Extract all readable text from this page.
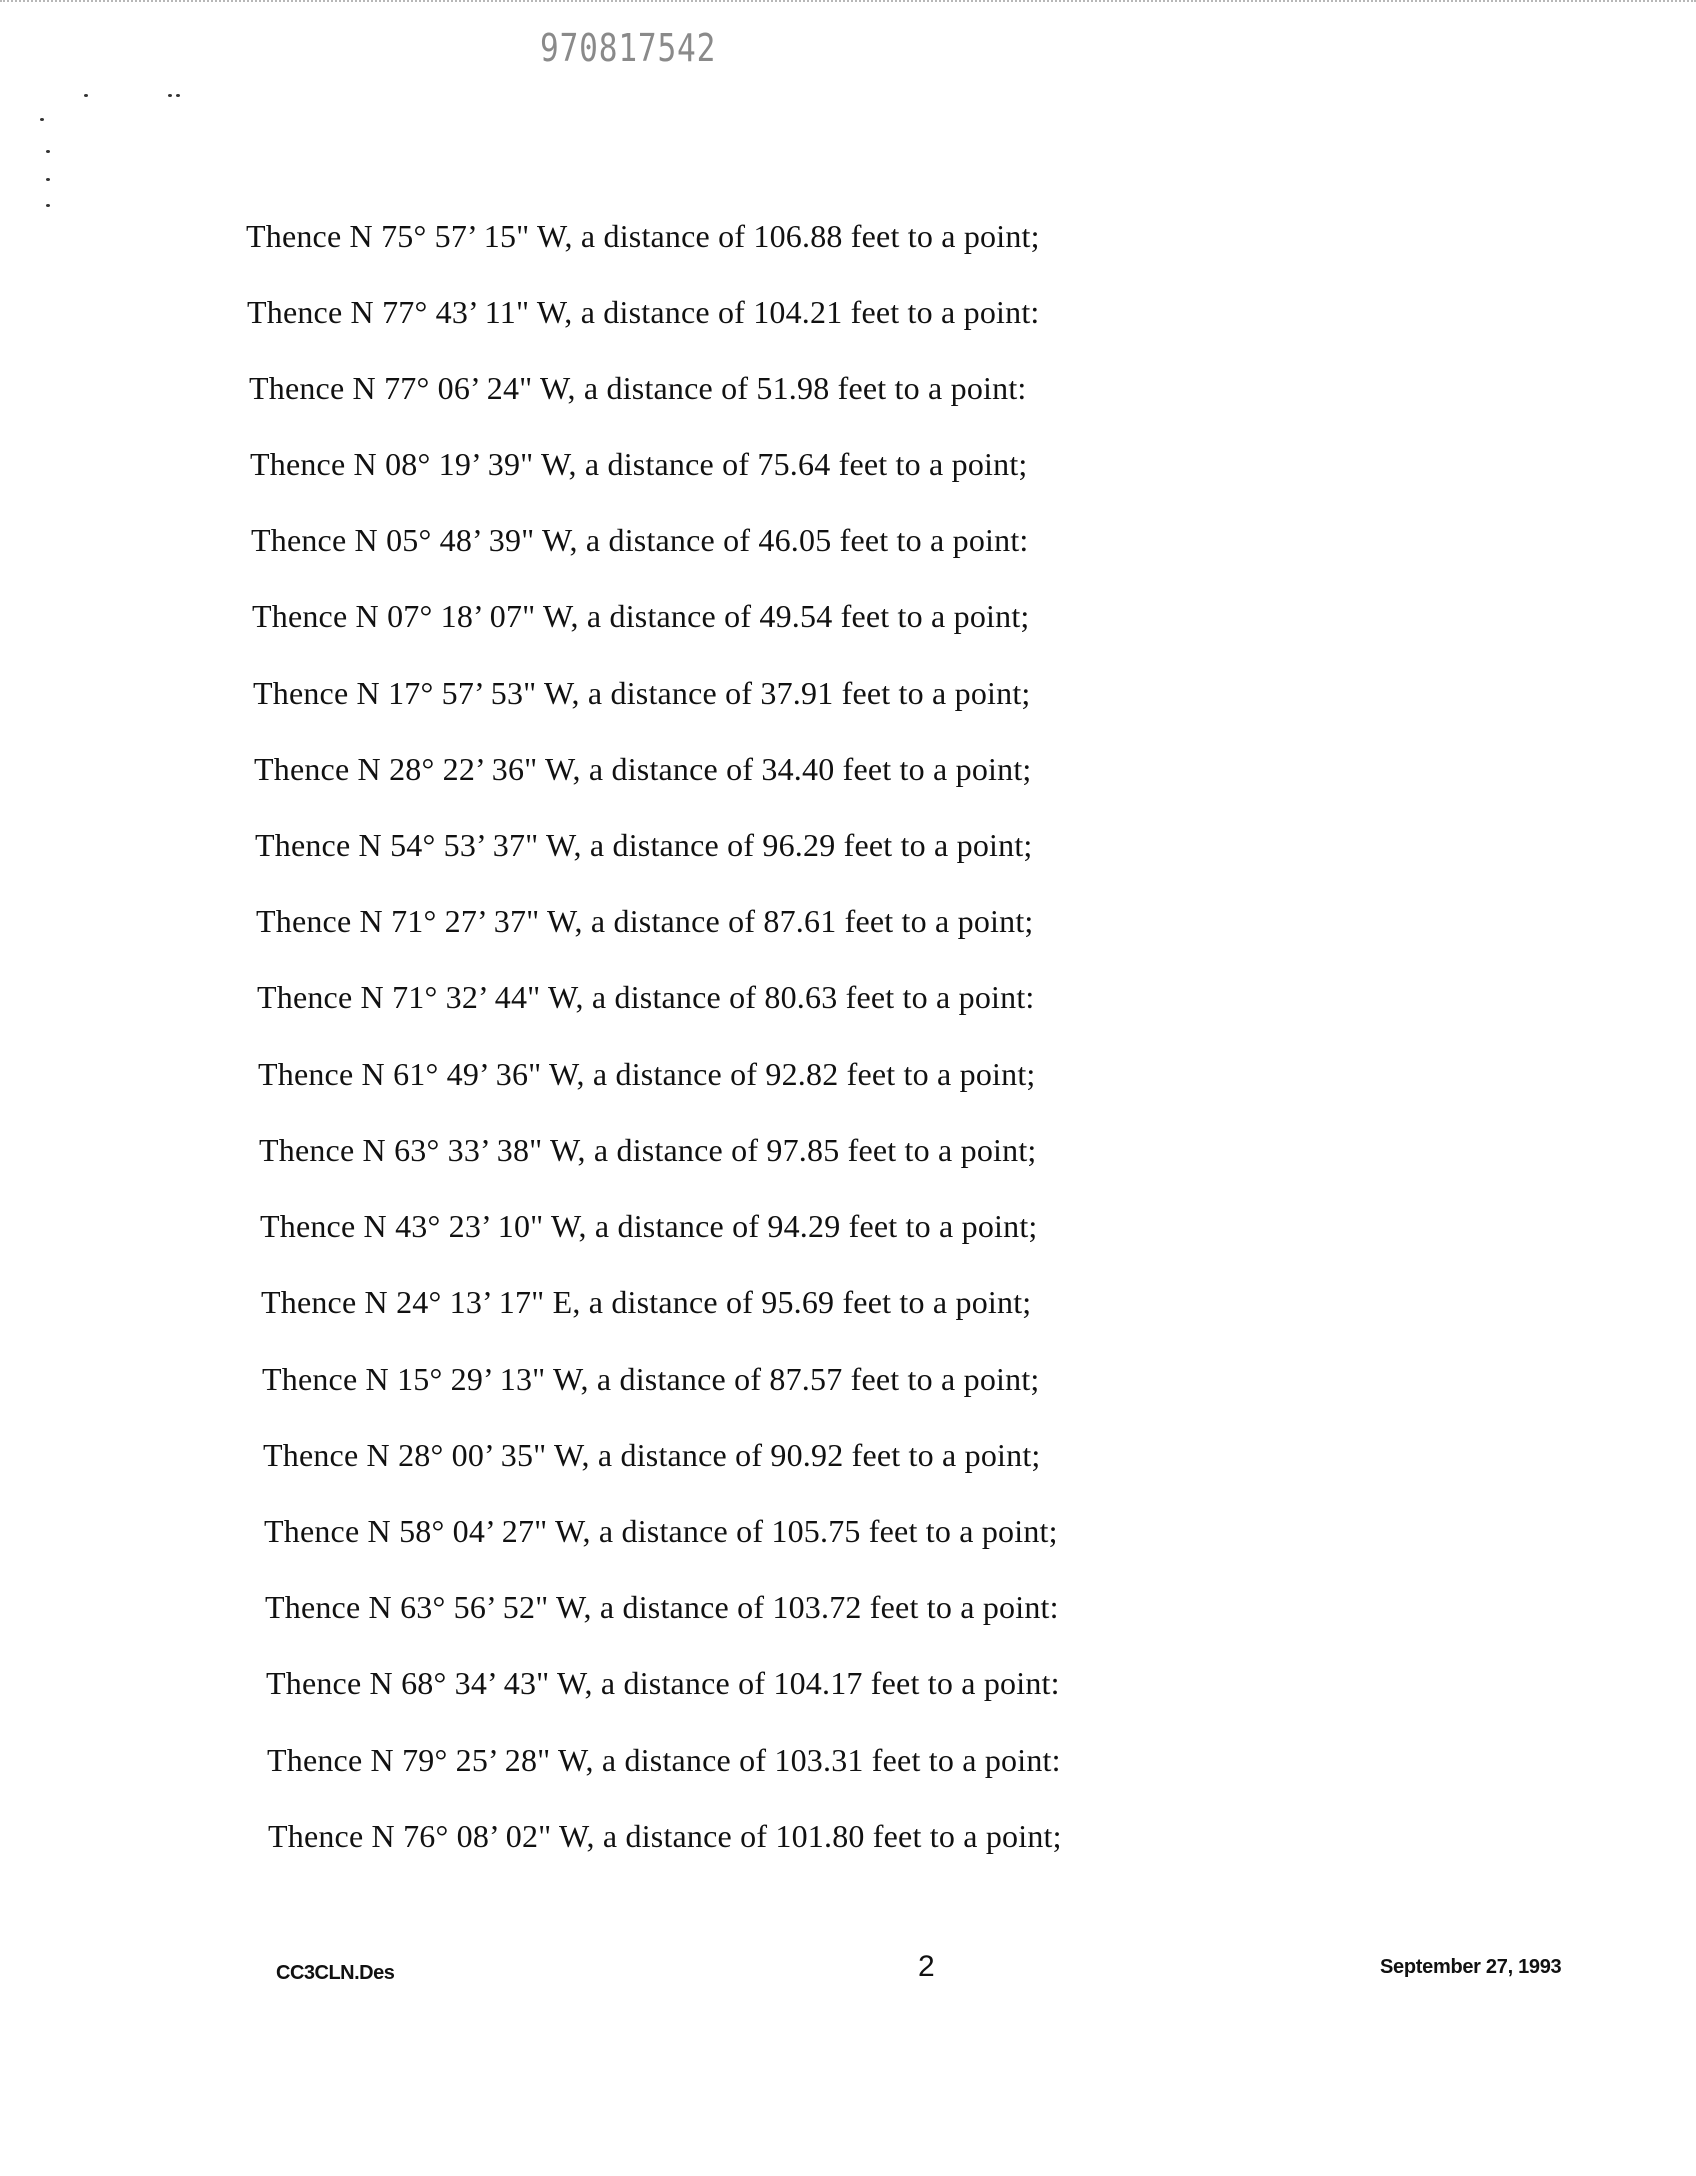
970817542
Thence N 75° 57’ 15" W, a distance of 106.88 feet to a point;
Thence N 77° 43’ 11" W, a distance of 104.21 feet to a point:
Thence N 77° 06’ 24" W, a distance of 51.98 feet to a point:
Thence N 08° 19’ 39" W, a distance of 75.64 feet to a point;
Thence N 05° 48’ 39" W, a distance of 46.05 feet to a point:
Thence N 07° 18’ 07" W, a distance of 49.54 feet to a point;
Thence N 17° 57’ 53" W, a distance of 37.91 feet to a point;
Thence N 28° 22’ 36" W, a distance of 34.40 feet to a point;
Thence N 54° 53’ 37" W, a distance of 96.29 feet to a point;
Thence N 71° 27’ 37" W, a distance of 87.61 feet to a point;
Thence N 71° 32’ 44" W, a distance of 80.63 feet to a point:
Thence N 61° 49’ 36" W, a distance of 92.82 feet to a point;
Thence N 63° 33’ 38" W, a distance of 97.85 feet to a point;
Thence N 43° 23’ 10" W, a distance of 94.29 feet to a point;
Thence N 24° 13’ 17" E, a distance of 95.69 feet to a point;
Thence N 15° 29’ 13" W, a distance of 87.57 feet to a point;
Thence N 28° 00’ 35" W, a distance of 90.92 feet to a point;
Thence N 58° 04’ 27" W, a distance of 105.75 feet to a point;
Thence N 63° 56’ 52" W, a distance of 103.72 feet to a point:
Thence N 68° 34’ 43" W, a distance of 104.17 feet to a point:
Thence N 79° 25’ 28" W, a distance of 103.31 feet to a point:
Thence N 76° 08’ 02" W, a distance of 101.80 feet to a point;
CC3CLN.Des	2	September 27, 1993
